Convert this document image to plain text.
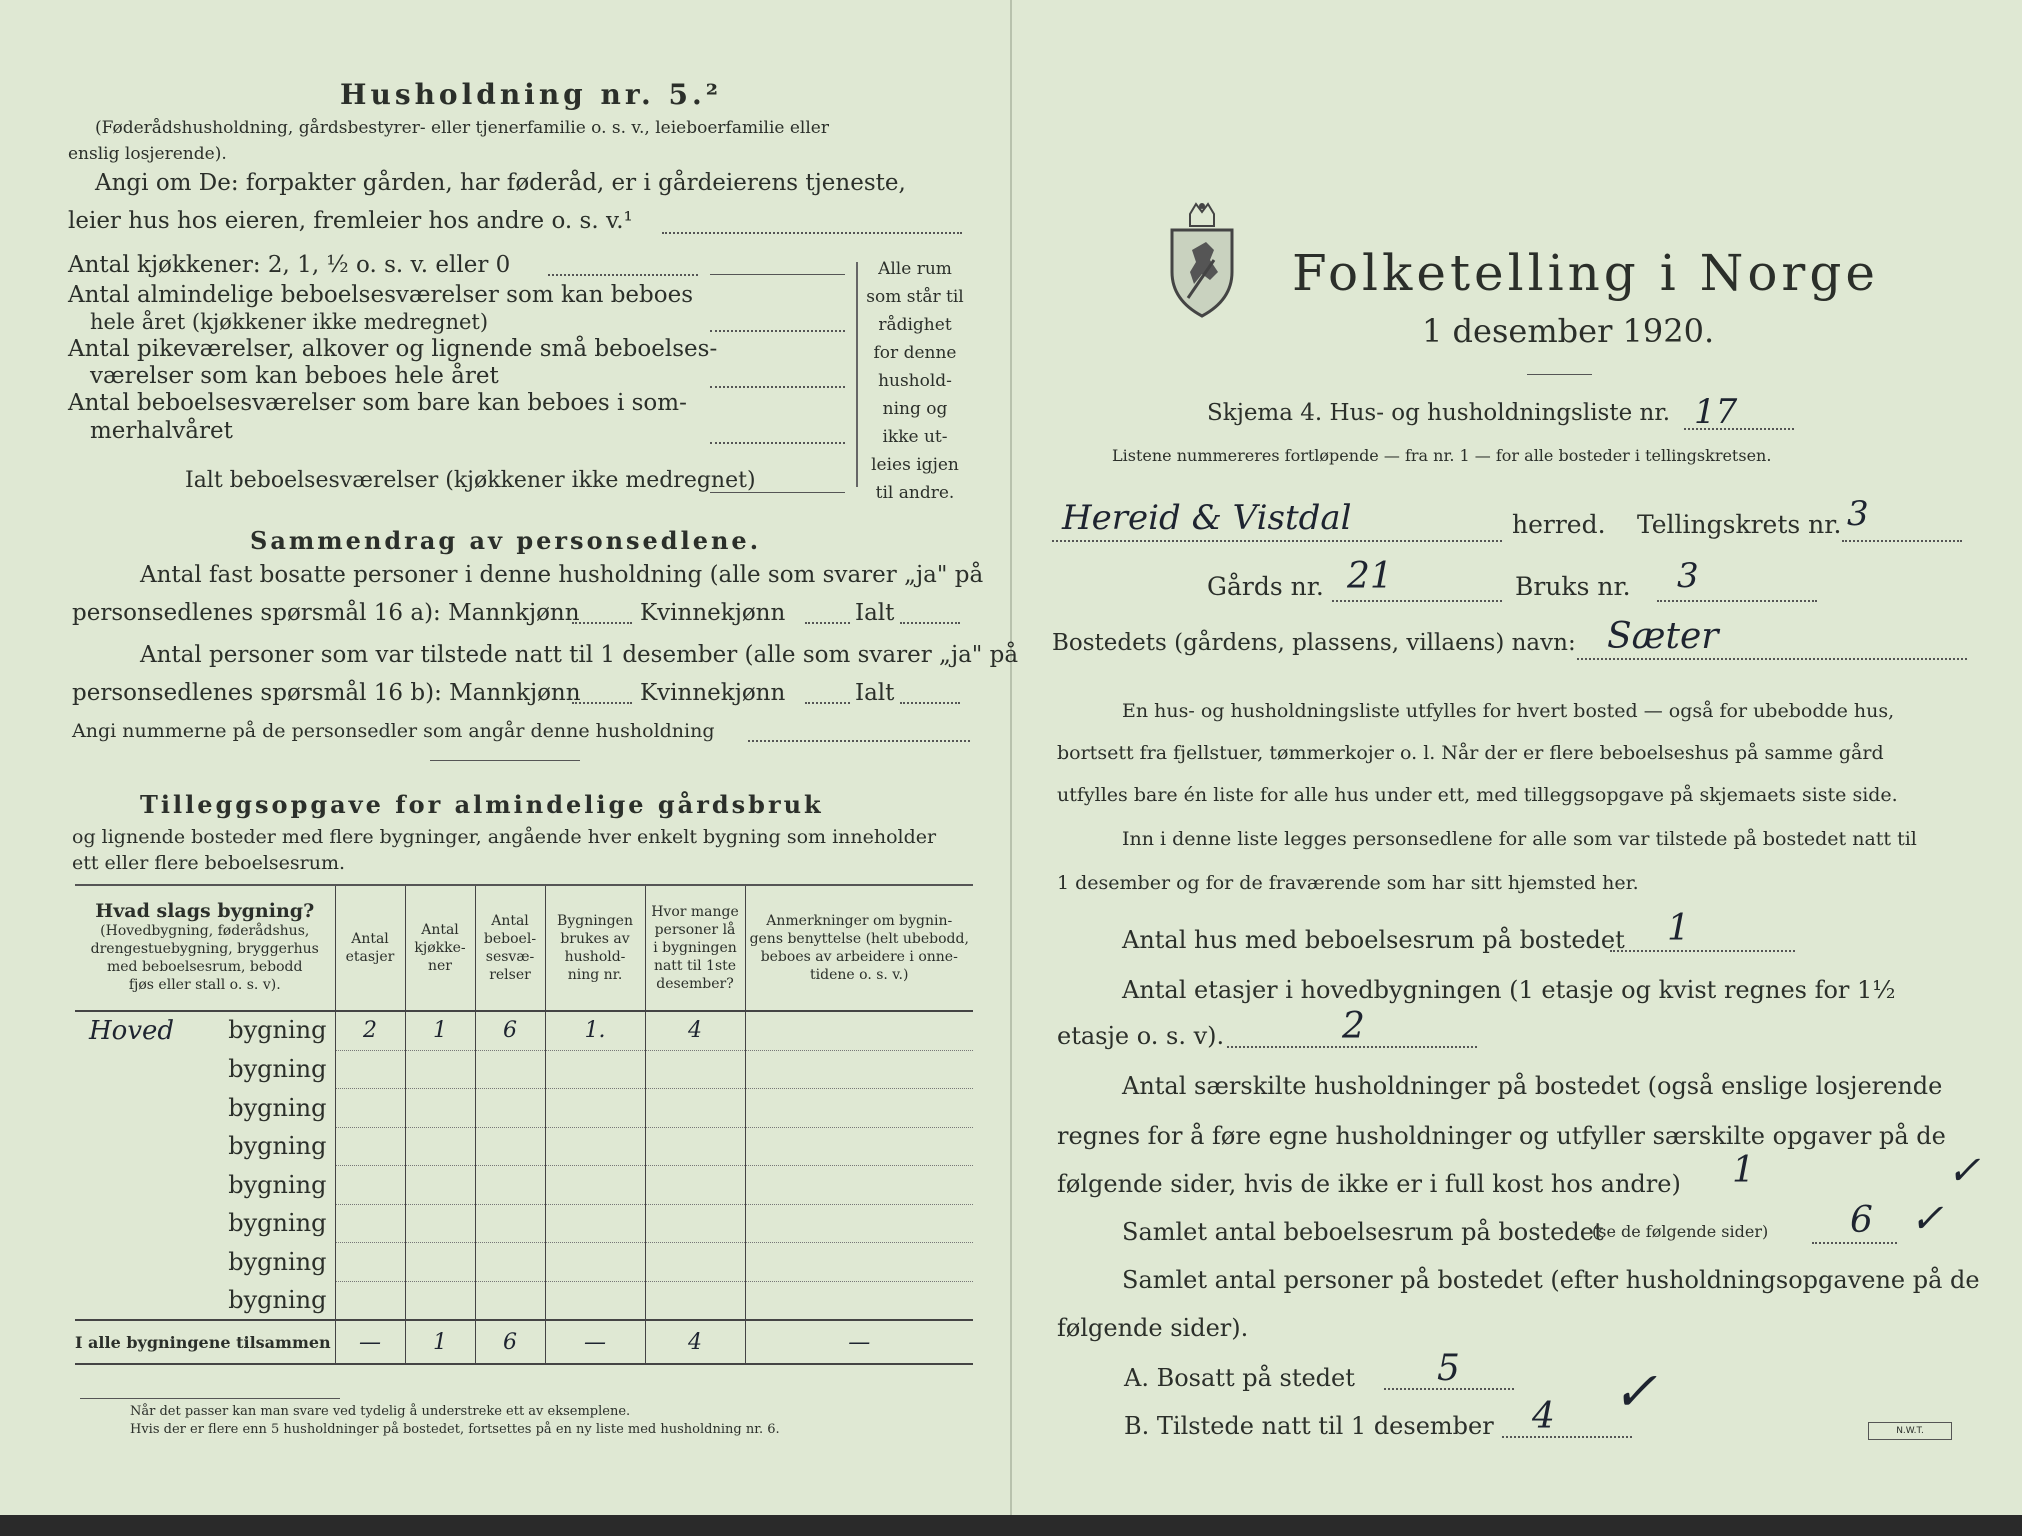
Husholdning nr. 5.²
(Føderådshusholdning, gårdsbestyrer- eller tjenerfamilie o. s. v., leieboerfamilie eller
enslig losjerende).
Angi om De: forpakter gården, har føderåd, er i gårdeierens tjeneste,
leier hus hos eieren, fremleier hos andre o. s. v.¹
Antal kjøkkener: 2, 1, ½ o. s. v. eller 0
Antal almindelige beboelsesværelser som kan beboes
hele året (kjøkkener ikke medregnet)
Antal pikeværelser, alkover og lignende små beboelses-
værelser som kan beboes hele året
Antal beboelsesværelser som bare kan beboes i som-
merhalvåret
Ialt beboelsesværelser (kjøkkener ikke medregnet)
Alle rum
som står til
rådighet
for denne
hushold-
ning og
ikke ut-
leies igjen
til andre.
Sammendrag av personsedlene.
Antal fast bosatte personer i denne husholdning (alle som svarer „ja" på
personsedlenes spørsmål 16 a): Mannkjønn	Kvinnekjønn	Ialt
Antal personer som var tilstede natt til 1 desember (alle som svarer „ja" på
personsedlenes spørsmål 16 b): Mannkjønn	Kvinnekjønn	Ialt
Angi nummerne på de personsedler som angår denne husholdning
Tilleggsopgave for almindelige gårdsbruk
og lignende bosteder med flere bygninger, angående hver enkelt bygning som inneholder
ett eller flere beboelsesrum.
Hvad slags bygning?
(Hovedbygning, føderådshus,
drengestuebygning, bryggerhus
med beboelsesrum, bebodd
fjøs eller stall o. s. v).	Antal
etasjer	Antal
kjøkke-
ner	Antal
beboel-
sesvæ-
relser	Bygningen
brukes av
hushold-
ning nr.	Hvor mange
personer lå
i bygningen
natt til 1ste
desember?	Anmerkninger om bygnin-
gens benyttelse (helt ubebodd,
beboes av arbeidere i onne-
tidene o. s. v.)

Hoved bygning	2	1	6	1.	4	

bygning						

bygning						

bygning						

bygning						

bygning						

bygning						

bygning						
I alle bygningene tilsammen	—	1	6	—	4	—
Når det passer kan man svare ved tydelig å understreke ett av eksemplene.
Hvis der er flere enn 5 husholdninger på bostedet, fortsettes på en ny liste med husholdning nr. 6.
Folketelling i Norge
1 desember 1920.
Skjema 4. Hus- og husholdningsliste nr. 17
Listene nummereres fortløpende — fra nr. 1 — for alle bosteder i tellingskretsen.
Hereid & Vistdal	herred. Tellingskrets nr. 3
Gårds nr. 21	Bruks nr. 3
Bostedets (gårdens, plassens, villaens) navn: Sæter
En hus- og husholdningsliste utfylles for hvert bosted — også for ubebodde hus,
bortsett fra fjellstuer, tømmerkojer o. l. Når der er flere beboelseshus på samme gård
utfylles bare én liste for alle hus under ett, med tilleggsopgave på skjemaets siste side.
Inn i denne liste legges personsedlene for alle som var tilstede på bostedet natt til
1 desember og for de fraværende som har sitt hjemsted her.
Antal hus med beboelsesrum på bostedet 1
Antal etasjer i hovedbygningen (1 etasje og kvist regnes for 1½
etasje o. s. v).	2
Antal særskilte husholdninger på bostedet (også enslige losjerende
regnes for å føre egne husholdninger og utfyller særskilte opgaver på de
følgende sider, hvis de ikke er i full kost hos andre) 1	✓
Samlet antal beboelsesrum på bostedet
(se de følgende sider) 6 ✓
Samlet antal personer på bostedet (efter husholdningsopgavene på de
følgende sider).
A. Bosatt på stedet 5
B. Tilstede natt til 1 desember 4 ✓
N.W.T.
